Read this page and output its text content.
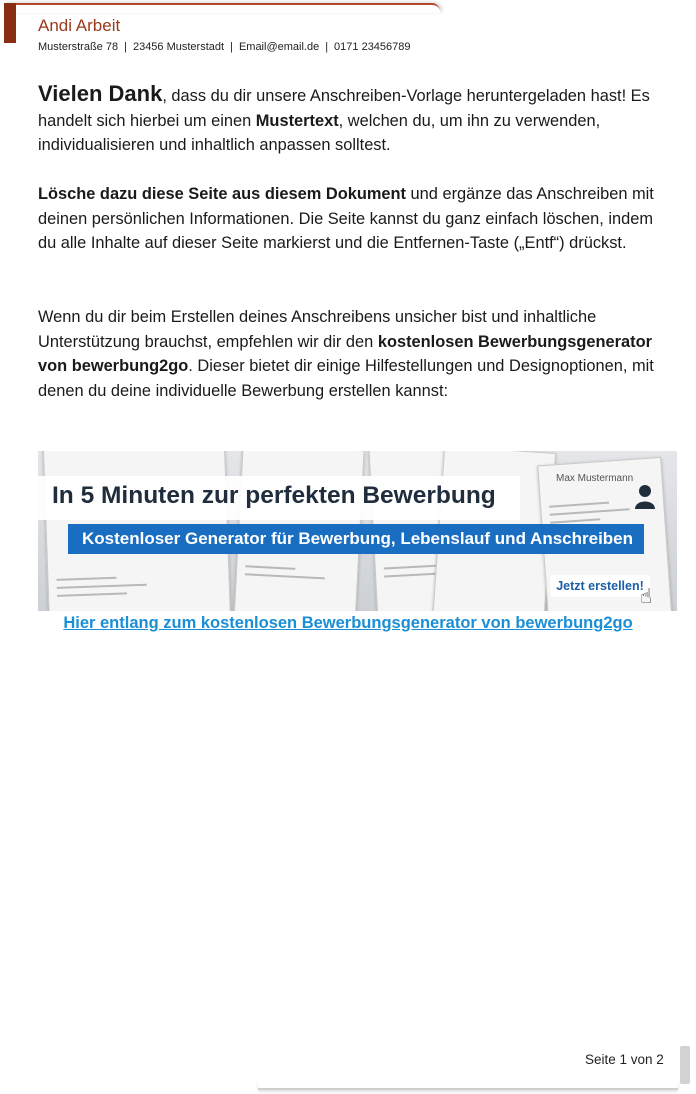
Andi Arbeit
Musterstraße 78 | 23456 Musterstadt | Email@email.de | 0171 23456789
Vielen Dank, dass du dir unsere Anschreiben-Vorlage heruntergeladen hast! Es handelt sich hierbei um einen Mustertext, welchen du, um ihn zu verwenden, individualisieren und inhaltlich anpassen solltest.
Lösche dazu diese Seite aus diesem Dokument und ergänze das Anschreiben mit deinen persönlichen Informationen. Die Seite kannst du ganz einfach löschen, indem du alle Inhalte auf dieser Seite markierst und die Entfernen-Taste („Entf“) drückst.
Wenn du dir beim Erstellen deines Anschreibens unsicher bist und inhaltliche Unterstützung brauchst, empfehlen wir dir den kostenlosen Bewerbungsgenerator von bewerbung2go. Dieser bietet dir einige Hilfestellungen und Designoptionen, mit denen du deine individuelle Bewerbung erstellen kannst:
Max Mustermann
In 5 Minuten zur perfekten Bewerbung
Kostenloser Generator für Bewerbung, Lebenslauf und Anschreiben
Jetzt erstellen!
☝
Hier entlang zum kostenlosen Bewerbungsgenerator von bewerbung2go
Seite 1 von 2
